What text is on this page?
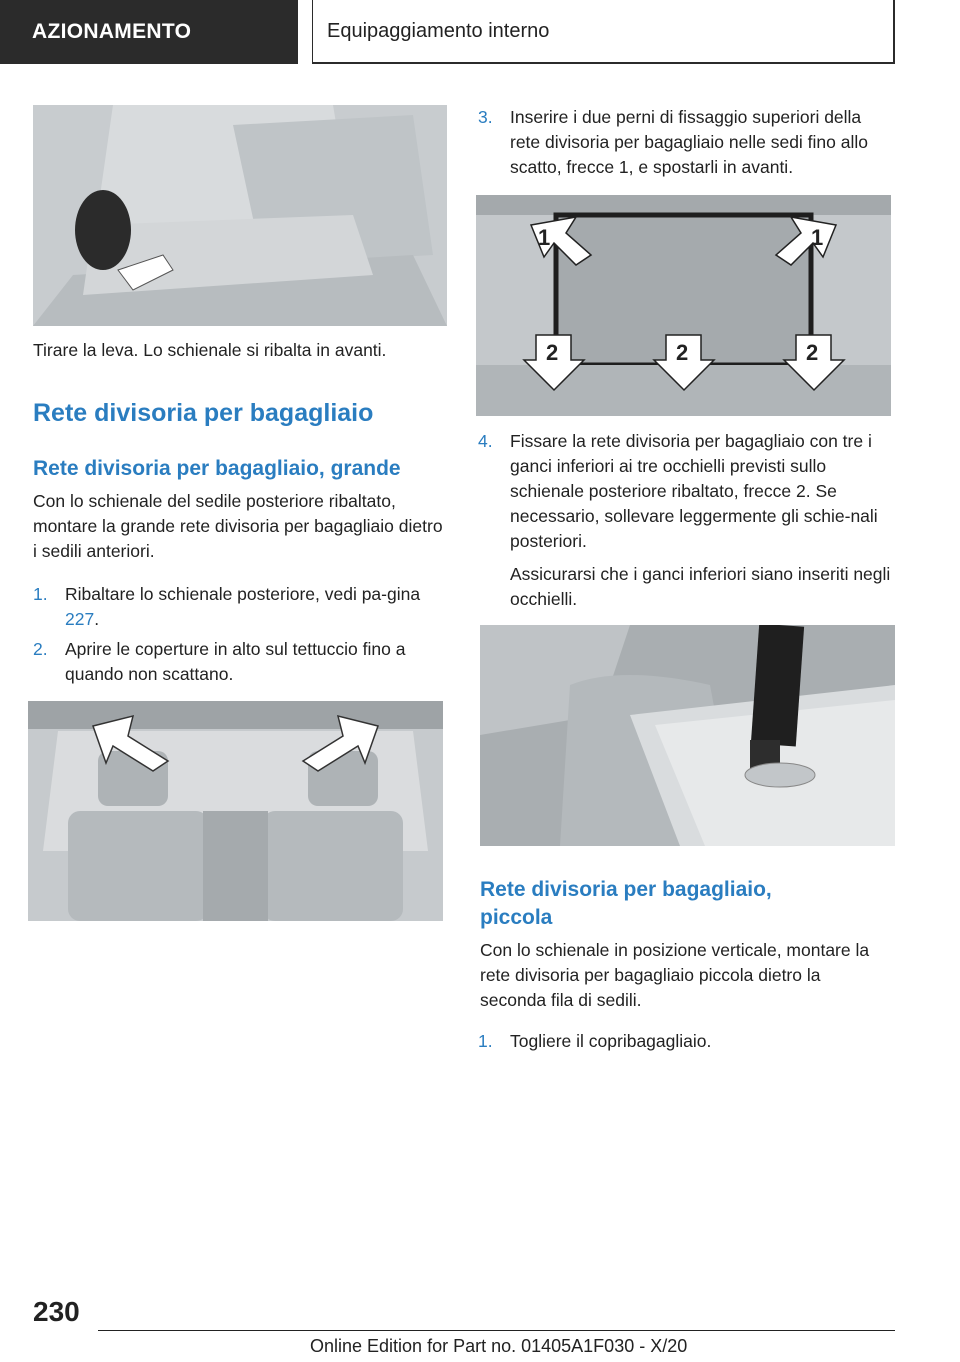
AZIONAMENTO	Equipaggiamento interno
Tirare la leva. Lo schienale si ribalta in avanti.
Rete divisoria per bagagliaio
Rete divisoria per bagagliaio, grande
Con lo schienale del sedile posteriore ribaltato, montare la grande rete divisoria per bagagliaio dietro i sedili anteriori.
1. Ribaltare lo schienale posteriore, vedi pa-gina 227.
2. Aprire le coperture in alto sul tettuccio fino a quando non scattano.
3. Inserire i due perni di fissaggio superiori della rete divisoria per bagagliaio nelle sedi fino allo scatto, frecce 1, e spostarli in avanti.
1	1
2	2	2
4. Fissare la rete divisoria per bagagliaio con tre i ganci inferiori ai tre occhielli previsti sullo schienale posteriore ribaltato, frecce 2. Se necessario, sollevare leggermente gli schie-nali posteriori.
Assicurarsi che i ganci inferiori siano inseriti negli occhielli.
Rete divisoria per bagagliaio, piccola
Con lo schienale in posizione verticale, montare la rete divisoria per bagagliaio piccola dietro la seconda fila di sedili.
1. Togliere il copribagagliaio.
230
Online Edition for Part no. 01405A1F030 - X/20
